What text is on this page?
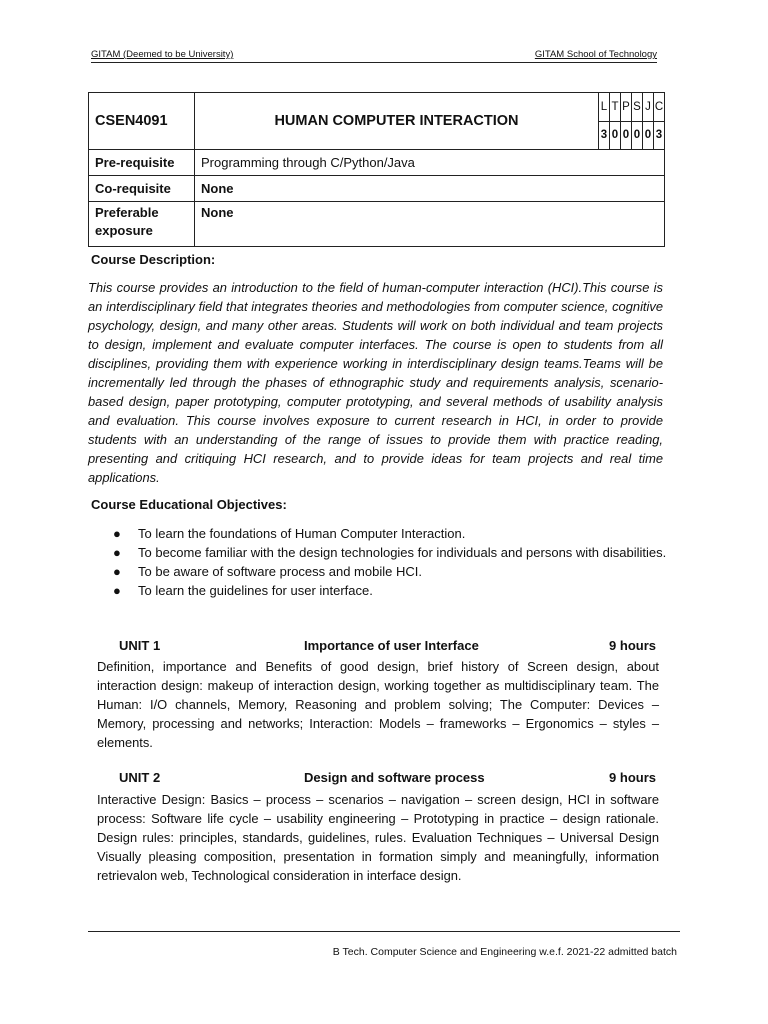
GITAM (Deemed to be University)	GITAM School of Technology
CSEN4091	HUMAN COMPUTER INTERACTION	L	T	P	S	J	C
		3	0	0	0	0	3
Pre-requisite	Programming through C/Python/Java						
Co-requisite	None						
Preferable
exposure	None						
Course Description:

This course provides an introduction to the field of human-computer interaction (HCI).This course is an interdisciplinary field that integrates theories and methodologies from computer science, cognitive psychology, design, and many other areas. Students will work on both individual and team projects to design, implement and evaluate computer interfaces. The course is open to students from all disciplines, providing them with experience working in interdisciplinary design teams.Teams will be incrementally led through the phases of ethnographic study and requirements analysis, scenario-based design, paper prototyping, computer prototyping, and several methods of usability analysis and evaluation. This course involves exposure to current research in HCI, in order to provide students with an understanding of the range of issues to provide them with practice reading, presenting and critiquing HCI research, and to provide ideas for team projects and real time applications.

Course Educational Objectives:
● To learn the foundations of Human Computer Interaction.
● To become familiar with the design technologies for individuals and persons with disabilities.
● To be aware of software process and mobile HCI.
● To learn the guidelines for user interface.
UNIT 1	Importance of user Interface	9 hours

Definition, importance and Benefits of good design, brief history of Screen design, about interaction design: makeup of interaction design, working together as multidisciplinary team. The Human: I/O channels, Memory, Reasoning and problem solving; The Computer: Devices – Memory, processing and networks; Interaction: Models – frameworks – Ergonomics – styles – elements.

UNIT 2	Design and software process	9 hours

Interactive Design: Basics – process – scenarios – navigation – screen design, HCI in software process: Software life cycle – usability engineering – Prototyping in practice – design rationale. Design rules: principles, standards, guidelines, rules. Evaluation Techniques – Universal Design Visually pleasing composition, presentation in formation simply and meaningfully, information retrievalon web, Technological consideration in interface design.

B Tech. Computer Science and Engineering w.e.f. 2021-22 admitted batch
